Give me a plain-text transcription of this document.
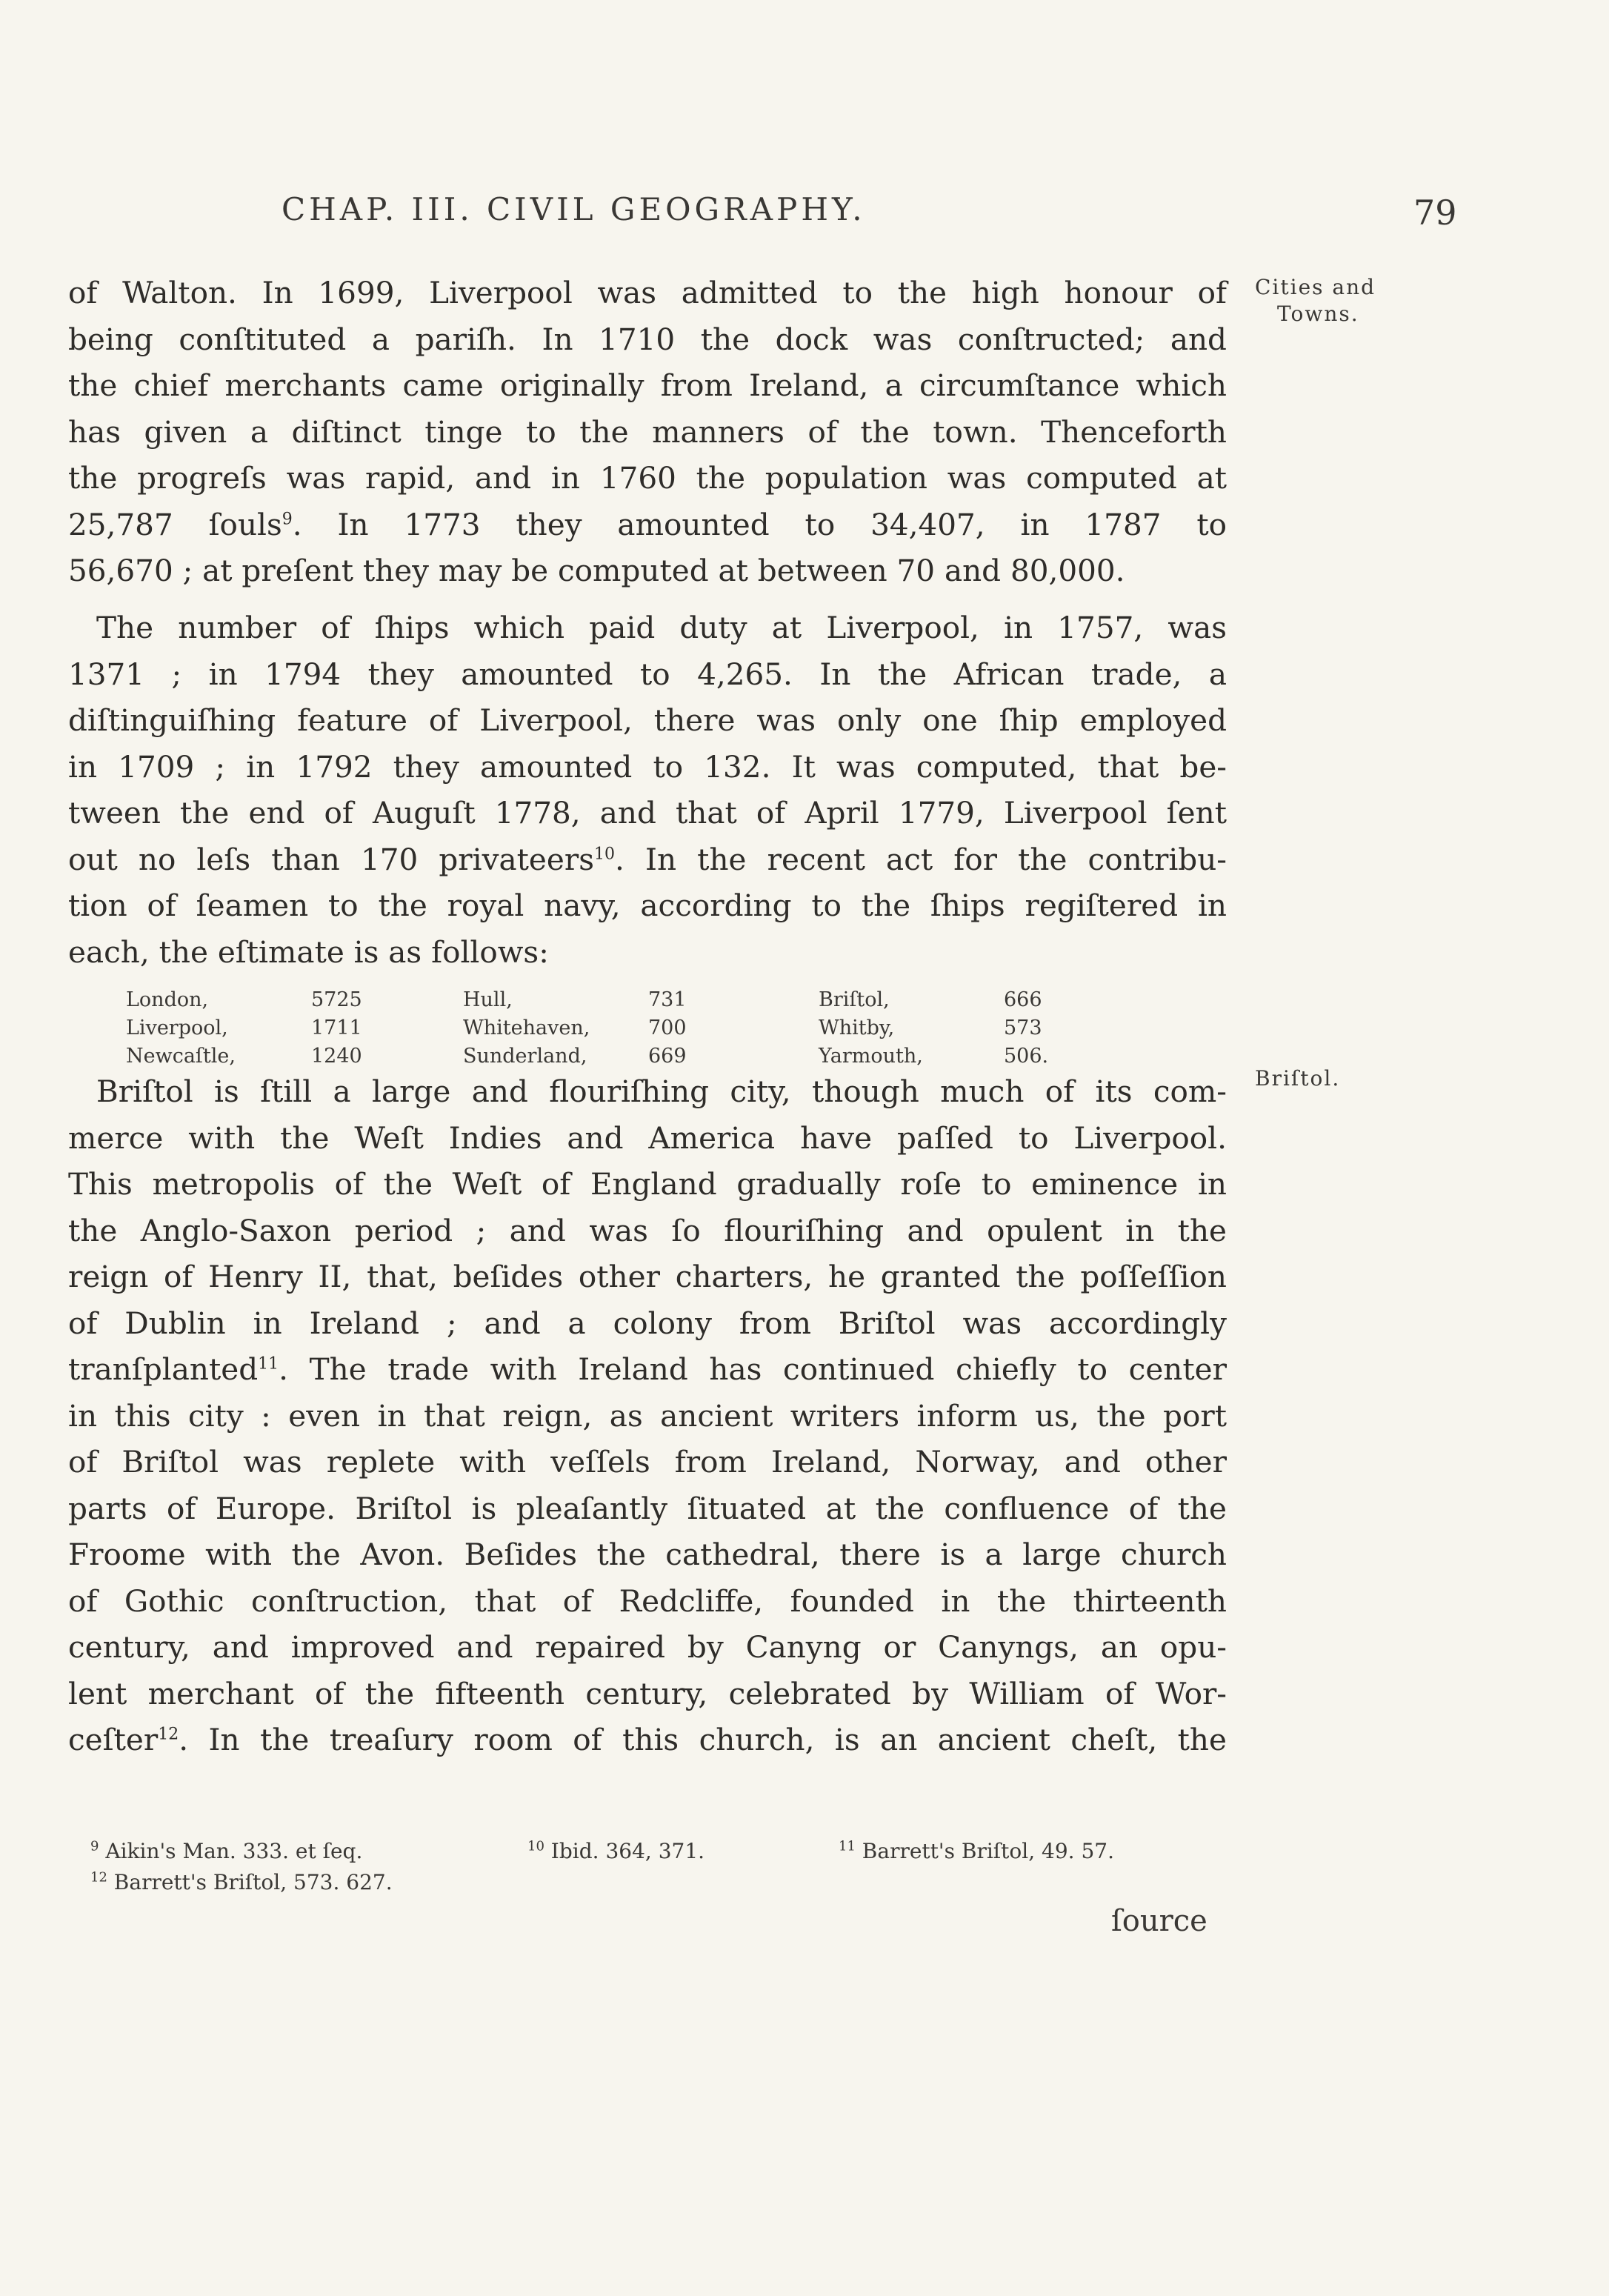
CHAP. III. CIVIL GEOGRAPHY.	79
Cities and
Towns.
Briſtol.
of Walton. In 1699, Liverpool was admitted to the high honour of
being conſtituted a pariſh. In 1710 the dock was conſtructed; and
the chief merchants came originally from Ireland, a circumſtance which
has given a diſtinct tinge to the manners of the town. Thenceforth
the progreſs was rapid, and in 1760 the population was computed at
25,787 ſouls$^9$. In 1773 they amounted to 34,407, in 1787 to
56,670 ; at preſent they may be computed at between 70 and 80,000.
The number of ſhips which paid duty at Liverpool, in 1757, was
1371 ; in 1794 they amounted to 4,265. In the African trade, a
diſtinguiſhing feature of Liverpool, there was only one ſhip employed
in 1709 ; in 1792 they amounted to 132. It was computed, that be-
tween the end of Auguſt 1778, and that of April 1779, Liverpool ſent
out no leſs than 170 privateers$^{10}$. In the recent act for the contribu-
tion of ſeamen to the royal navy, according to the ſhips regiſtered in
each, the eſtimate is as follows:
London,	5725	Hull,	731	Briſtol,	666
Liverpool,	1711	Whitehaven,	700	Whitby,	573
Newcaſtle,	1240	Sunderland,	669	Yarmouth,	506.
Briſtol is ſtill a large and flouriſhing city, though much of its com-
merce with the Weſt Indies and America have paſſed to Liverpool.
This metropolis of the Weſt of England gradually roſe to eminence in
the Anglo-Saxon period ; and was ſo flouriſhing and opulent in the
reign of Henry II, that, beſides other charters, he granted the poſſeſſion
of Dublin in Ireland ; and a colony from Briſtol was accordingly
tranſplanted$^{11}$. The trade with Ireland has continued chiefly to center
in this city : even in that reign, as ancient writers inform us, the port
of Briſtol was replete with veſſels from Ireland, Norway, and other
parts of Europe. Briſtol is pleaſantly ſituated at the confluence of the
Froome with the Avon. Beſides the cathedral, there is a large church
of Gothic conſtruction, that of Redcliffe, founded in the thirteenth
century, and improved and repaired by Canyng or Canyngs, an opu-
lent merchant of the fifteenth century, celebrated by William of Wor-
ceſter$^{12}$. In the treaſury room of this church, is an ancient cheſt, the
$^9$ Aikin's Man. 333. et ſeq.	$^{10}$ Ibid. 364, 371.	$^{11}$ Barrett's Briſtol, 49. 57.
$^{12}$ Barrett's Briſtol, 573. 627.
ſource
